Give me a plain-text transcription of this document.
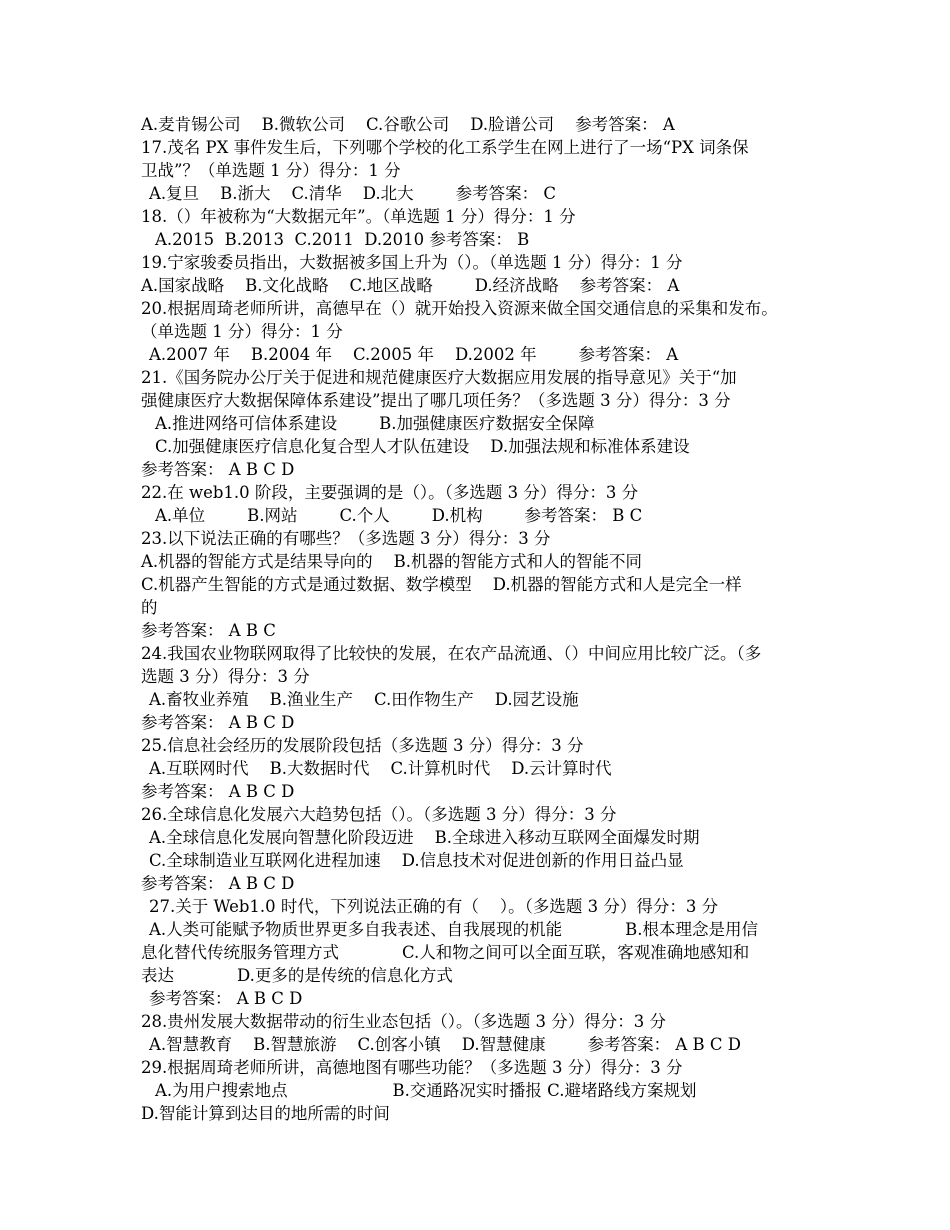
A.麦肯锡公司    B.微软公司    C.谷歌公司    D.脸谱公司    参考答案： A
17.茂名 PX 事件发生后，下列哪个学校的化工系学生在网上进行了一场“PX 词条保
卫战”？（单选题 1 分）得分：1 分
A.复旦    B.浙大    C.清华    D.北大        参考答案： C
18.（）年被称为“大数据元年”。（单选题 1 分）得分：1 分
A.2015  B.2013  C.2011  D.2010 参考答案： B
19.宁家骏委员指出，大数据被多国上升为（）。（单选题 1 分）得分：1 分
A.国家战略    B.文化战略    C.地区战略        D.经济战略    参考答案： A
20.根据周琦老师所讲，高德早在（）就开始投入资源来做全国交通信息的采集和发布。
（单选题 1 分）得分：1 分
A.2007 年    B.2004 年    C.2005 年    D.2002 年        参考答案： A
21.《国务院办公厅关于促进和规范健康医疗大数据应用发展的指导意见》关于“加
强健康医疗大数据保障体系建设”提出了哪几项任务？（多选题 3 分）得分：3 分
A.推进网络可信体系建设        B.加强健康医疗数据安全保障
C.加强健康医疗信息化复合型人才队伍建设    D.加强法规和标准体系建设
参考答案： A B C D
22.在 web1.0 阶段，主要强调的是（）。（多选题 3 分）得分：3 分
A.单位        B.网站        C.个人        D.机构        参考答案： B C
23.以下说法正确的有哪些？（多选题 3 分）得分：3 分
A.机器的智能方式是结果导向的    B.机器的智能方式和人的智能不同
C.机器产生智能的方式是通过数据、数学模型    D.机器的智能方式和人是完全一样
的
参考答案： A B C
24.我国农业物联网取得了比较快的发展，在农产品流通、（）中间应用比较广泛。（多
选题 3 分）得分：3 分
A.畜牧业养殖    B.渔业生产    C.田作物生产    D.园艺设施
参考答案： A B C D
25.信息社会经历的发展阶段包括（多选题 3 分）得分：3 分
A.互联网时代    B.大数据时代    C.计算机时代    D.云计算时代
参考答案： A B C D
26.全球信息化发展六大趋势包括（）。（多选题 3 分）得分：3 分
A.全球信息化发展向智慧化阶段迈进    B.全球进入移动互联网全面爆发时期
C.全球制造业互联网化进程加速    D.信息技术对促进创新的作用日益凸显
参考答案： A B C D
27.关于 Web1.0 时代，下列说法正确的有（    ）。（多选题 3 分）得分：3 分
A.人类可能赋予物质世界更多自我表述、自我展现的机能            B.根本理念是用信
息化替代传统服务管理方式            C.人和物之间可以全面互联，客观准确地感知和
表达            D.更多的是传统的信息化方式
参考答案： A B C D
28.贵州发展大数据带动的衍生业态包括（）。（多选题 3 分）得分：3 分
A.智慧教育    B.智慧旅游    C.创客小镇    D.智慧健康        参考答案： A B C D
29.根据周琦老师所讲，高德地图有哪些功能？（多选题 3 分）得分：3 分
A.为用户搜索地点                    B.交通路况实时播报 C.避堵路线方案规划
D.智能计算到达目的地所需的时间
